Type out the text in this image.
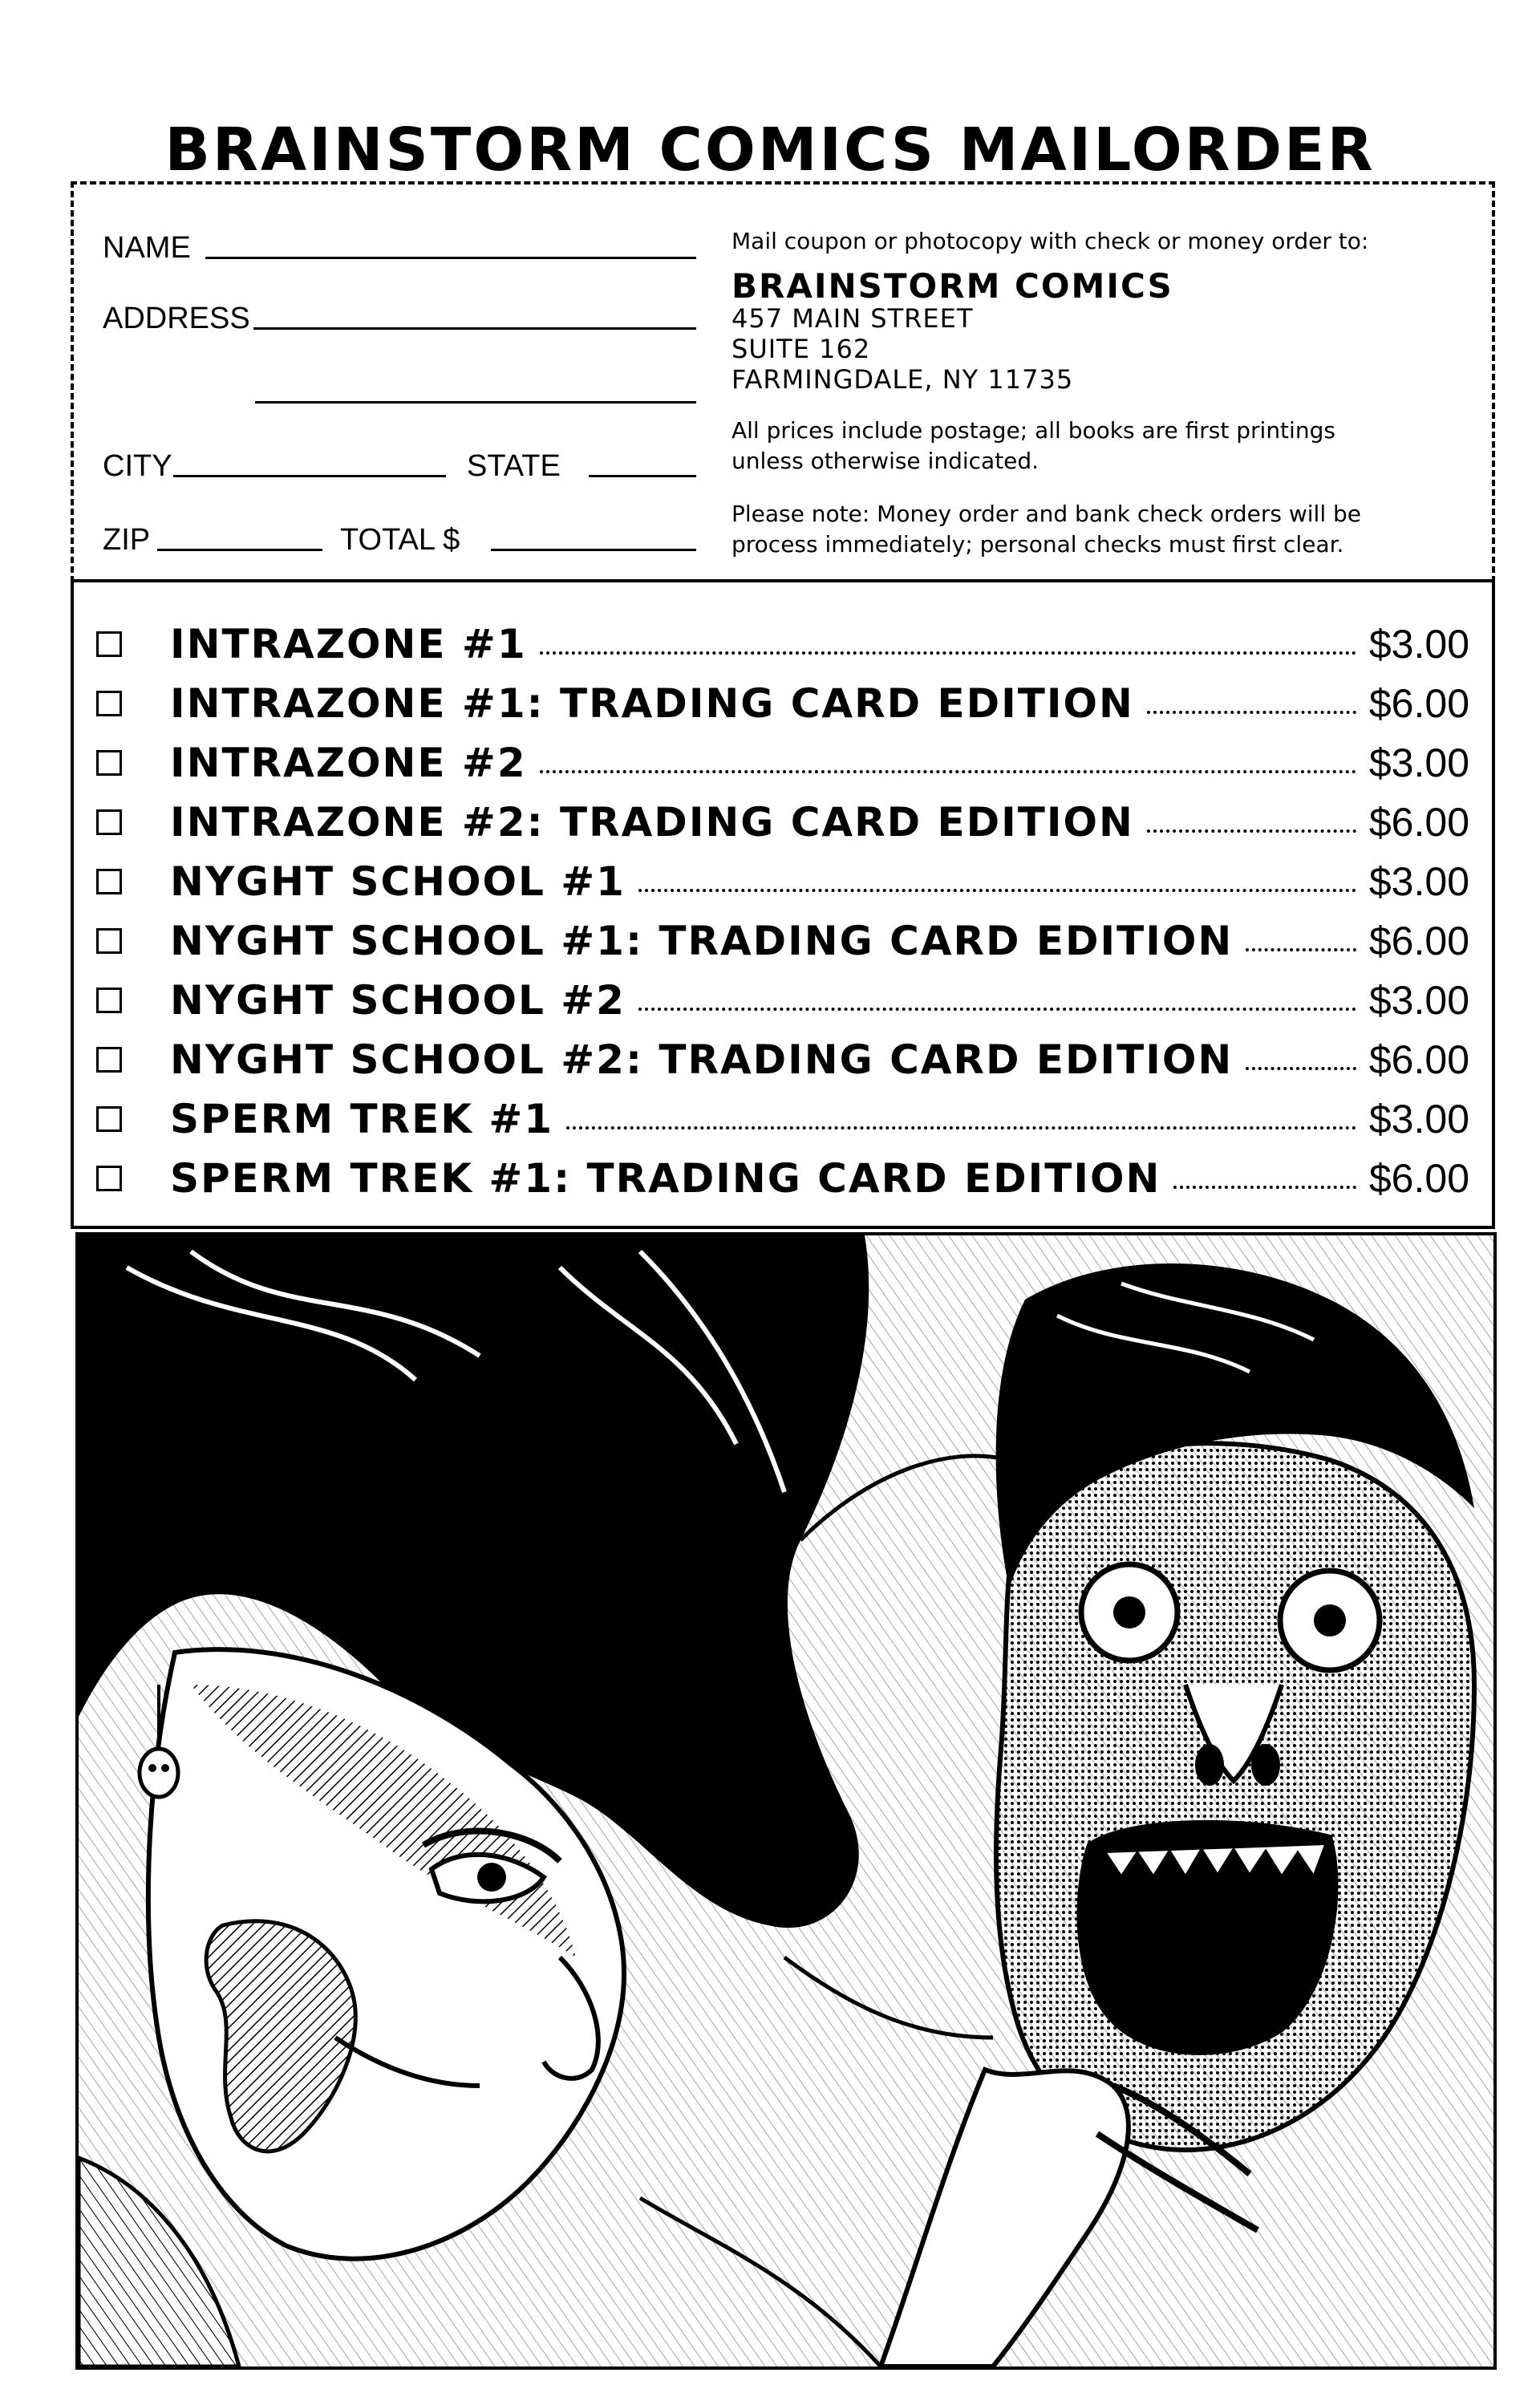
BRAINSTORM COMICS MAILORDER
NAME
ADDRESS
CITY	STATE
ZIP	TOTAL $
Mail coupon or photocopy with check or money order to:
BRAINSTORM COMICS
457 MAIN STREET
SUITE 162
FARMINGDALE, NY 11735
All prices include postage; all books are first printings
unless otherwise indicated.
Please note: Money order and bank check orders will be
process immediately; personal checks must first clear.
INTRAZONE #1	$3.00
INTRAZONE #1: TRADING CARD EDITION	$6.00
INTRAZONE #2	$3.00
INTRAZONE #2: TRADING CARD EDITION	$6.00
NYGHT SCHOOL #1	$3.00
NYGHT SCHOOL #1: TRADING CARD EDITION	$6.00
NYGHT SCHOOL #2	$3.00
NYGHT SCHOOL #2: TRADING CARD EDITION	$6.00
SPERM TREK #1	$3.00
SPERM TREK #1: TRADING CARD EDITION	$6.00
